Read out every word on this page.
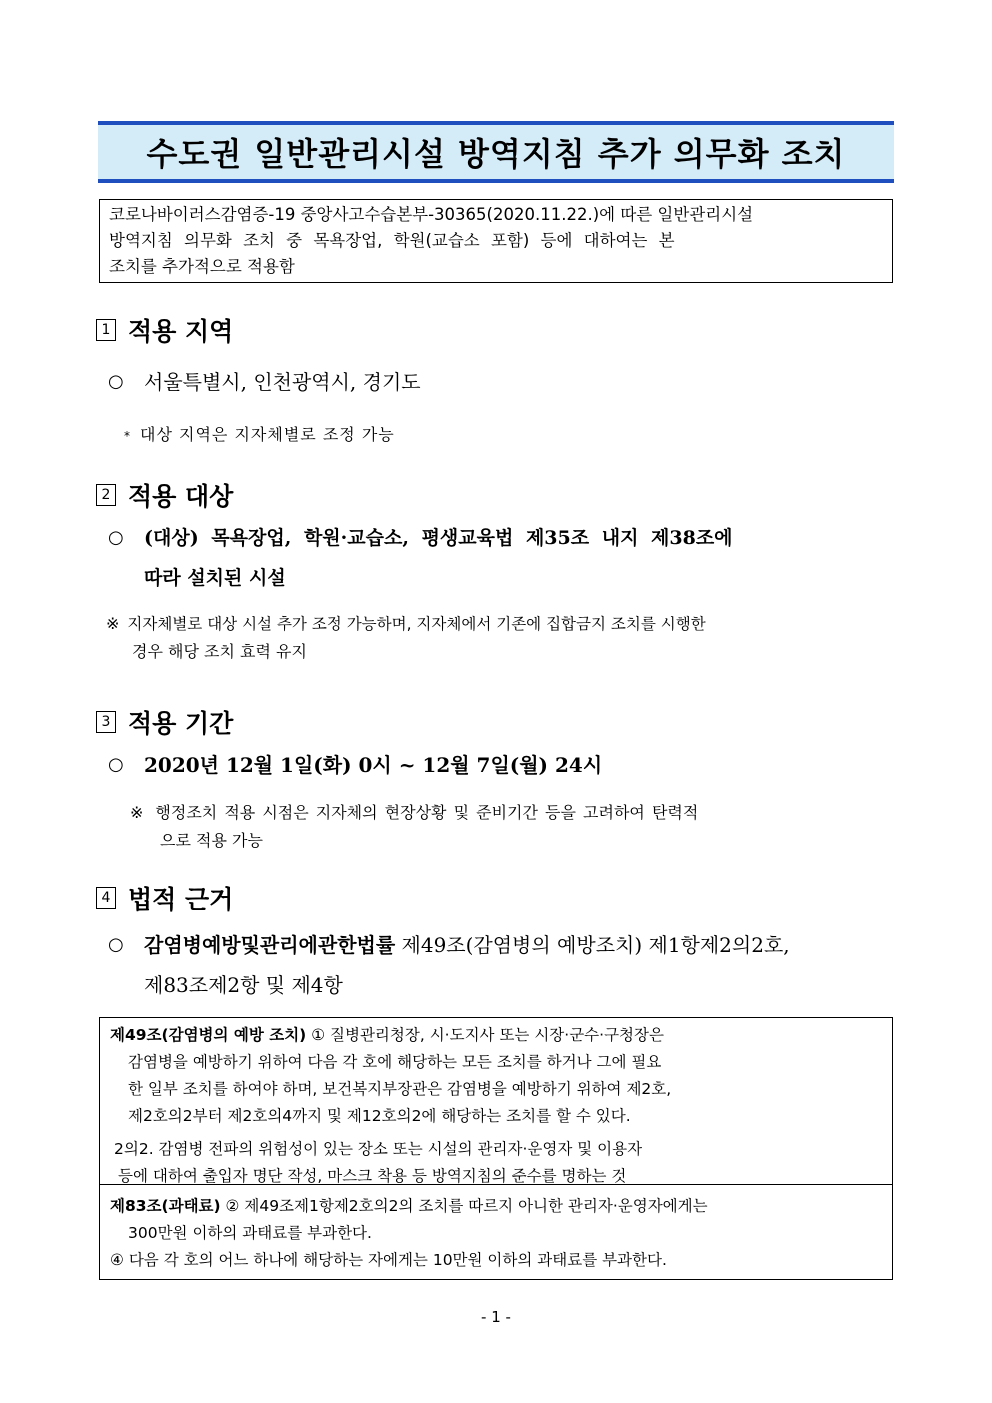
수도권 일반관리시설 방역지침 추가 의무화 조치
코로나바이러스감염증-19 중앙사고수습본부-30365(2020.11.22.)에 따른 일반관리시설
방역지침 의무화 조치 중 목욕장업, 학원(교습소 포함) 등에 대하여는 본
조치를 추가적으로 적용함
1 적용 지역
○	서울특별시, 인천광역시, 경기도
* 대상 지역은 지자체별로 조정 가능
2 적용 대상
○	(대상) 목욕장업, 학원·교습소, 평생교육법 제35조 내지 제38조에
따라 설치된 시설
※ 지자체별로 대상 시설 추가 조정 가능하며, 지자체에서 기존에 집합금지 조치를 시행한
경우 해당 조치 효력 유지
3 적용 기간
○	2020년 12월 1일(화) 0시 ~ 12월 7일(월) 24시
※ 행정조치 적용 시점은 지자체의 현장상황 및 준비기간 등을 고려하여 탄력적
으로 적용 가능
4 법적 근거
○	감염병예방및관리에관한법률 제49조(감염병의 예방조치) 제1항제2의2호,
제83조제2항 및 제4항
제49조(감염병의 예방 조치) ① 질병관리청장, 시·도지사 또는 시장·군수·구청장은
감염병을 예방하기 위하여 다음 각 호에 해당하는 모든 조치를 하거나 그에 필요
한 일부 조치를 하여야 하며, 보건복지부장관은 감염병을 예방하기 위하여 제2호,
제2호의2부터 제2호의4까지 및 제12호의2에 해당하는 조치를 할 수 있다.
2의2. 감염병 전파의 위험성이 있는 장소 또는 시설의 관리자·운영자 및 이용자
등에 대하여 출입자 명단 작성, 마스크 착용 등 방역지침의 준수를 명하는 것
제83조(과태료) ② 제49조제1항제2호의2의 조치를 따르지 아니한 관리자·운영자에게는
300만원 이하의 과태료를 부과한다.
④ 다음 각 호의 어느 하나에 해당하는 자에게는 10만원 이하의 과태료를 부과한다.
- 1 -
